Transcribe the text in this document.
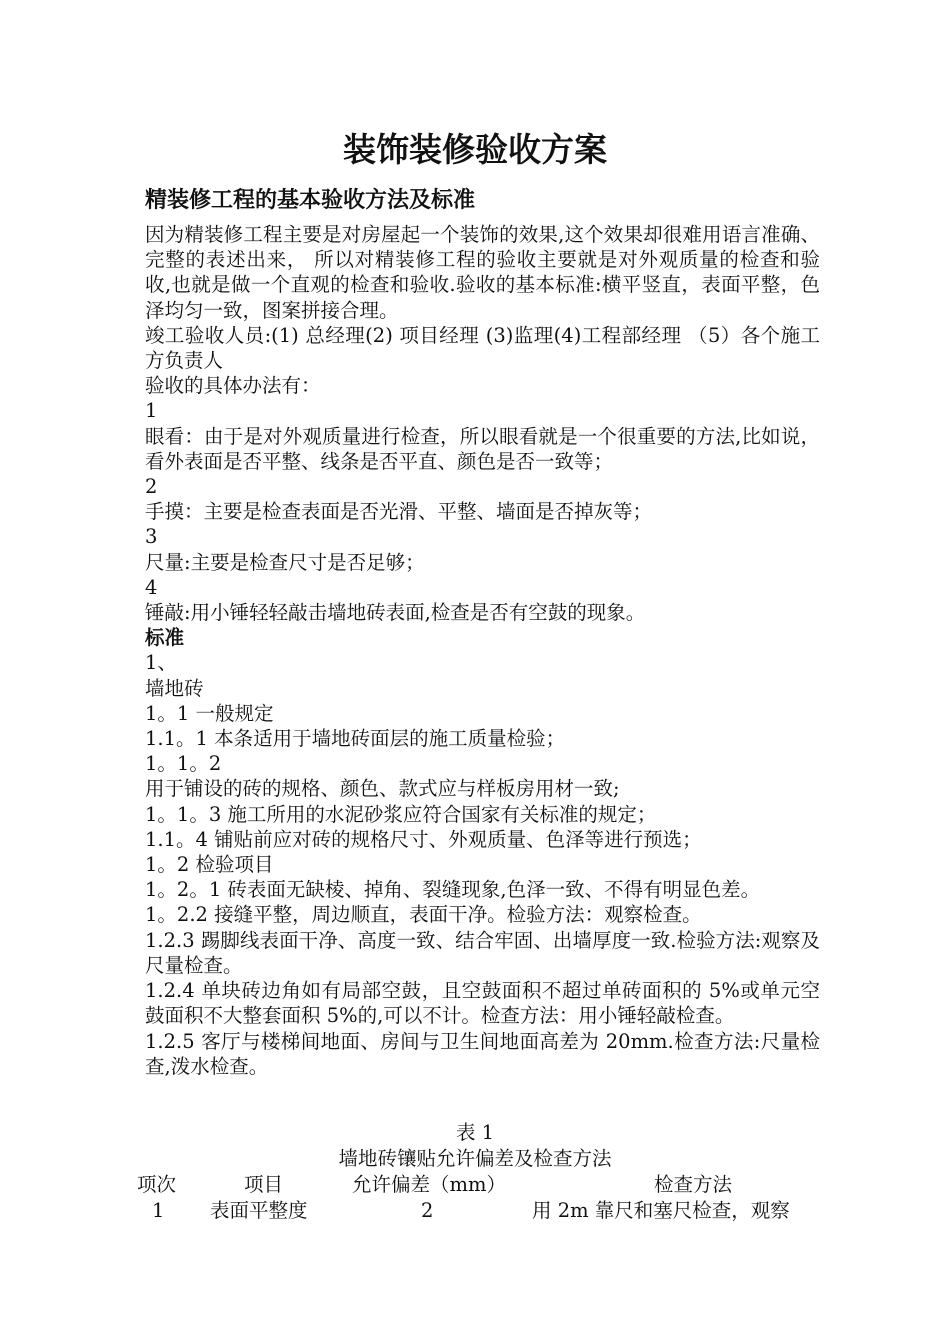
装饰装修验收方案
精装修工程的基本验收方法及标准

因为精装修工程主要是对房屋起一个装饰的效果,这个效果却很难用语言准确、完整的表述出来， 所以对精装修工程的验收主要就是对外观质量的检查和验收,也就是做一个直观的检查和验收.验收的基本标准:横平竖直，表面平整，色泽均匀一致，图案拼接合理。

竣工验收人员:(1) 总经理(2) 项目经理 (3)监理(4)工程部经理 （5）各个施工方负责人

验收的具体办法有：

1

眼看：由于是对外观质量进行检查，所以眼看就是一个很重要的方法,比如说，看外表面是否平整、线条是否平直、颜色是否一致等；

2

手摸：主要是检查表面是否光滑、平整、墙面是否掉灰等；

3

尺量:主要是检查尺寸是否足够；

4

锤敲:用小锤轻轻敲击墙地砖表面,检查是否有空鼓的现象。

标准

1、

墙地砖

1。1 一般规定

1.1。1 本条适用于墙地砖面层的施工质量检验；

1。1。2

用于铺设的砖的规格、颜色、款式应与样板房用材一致;

1。1。3 施工所用的水泥砂浆应符合国家有关标准的规定；

1.1。4 铺贴前应对砖的规格尺寸、外观质量、色泽等进行预选；

1。2 检验项目

1。2。1 砖表面无缺棱、掉角、裂缝现象,色泽一致、不得有明显色差。

1。2.2 接缝平整，周边顺直，表面干净。检验方法：观察检查。

1.2.3 踢脚线表面干净、高度一致、结合牢固、出墙厚度一致.检验方法:观察及尺量检查。

1.2.4 单块砖边角如有局部空鼓，且空鼓面积不超过单砖面积的 5%或单元空鼓面积不大整套面积 5%的,可以不计。检查方法：用小锤轻敲检查。

1.2.5 客厅与楼梯间地面、房间与卫生间地面高差为 20mm.检查方法:尺量检查,泼水检查。

表 1

墙地砖镶贴允许偏差及检查方法

项次	项目	允许偏差（mm）	检查方法
1 表面平整度	2	用 2m 靠尺和塞尺检查，观察
